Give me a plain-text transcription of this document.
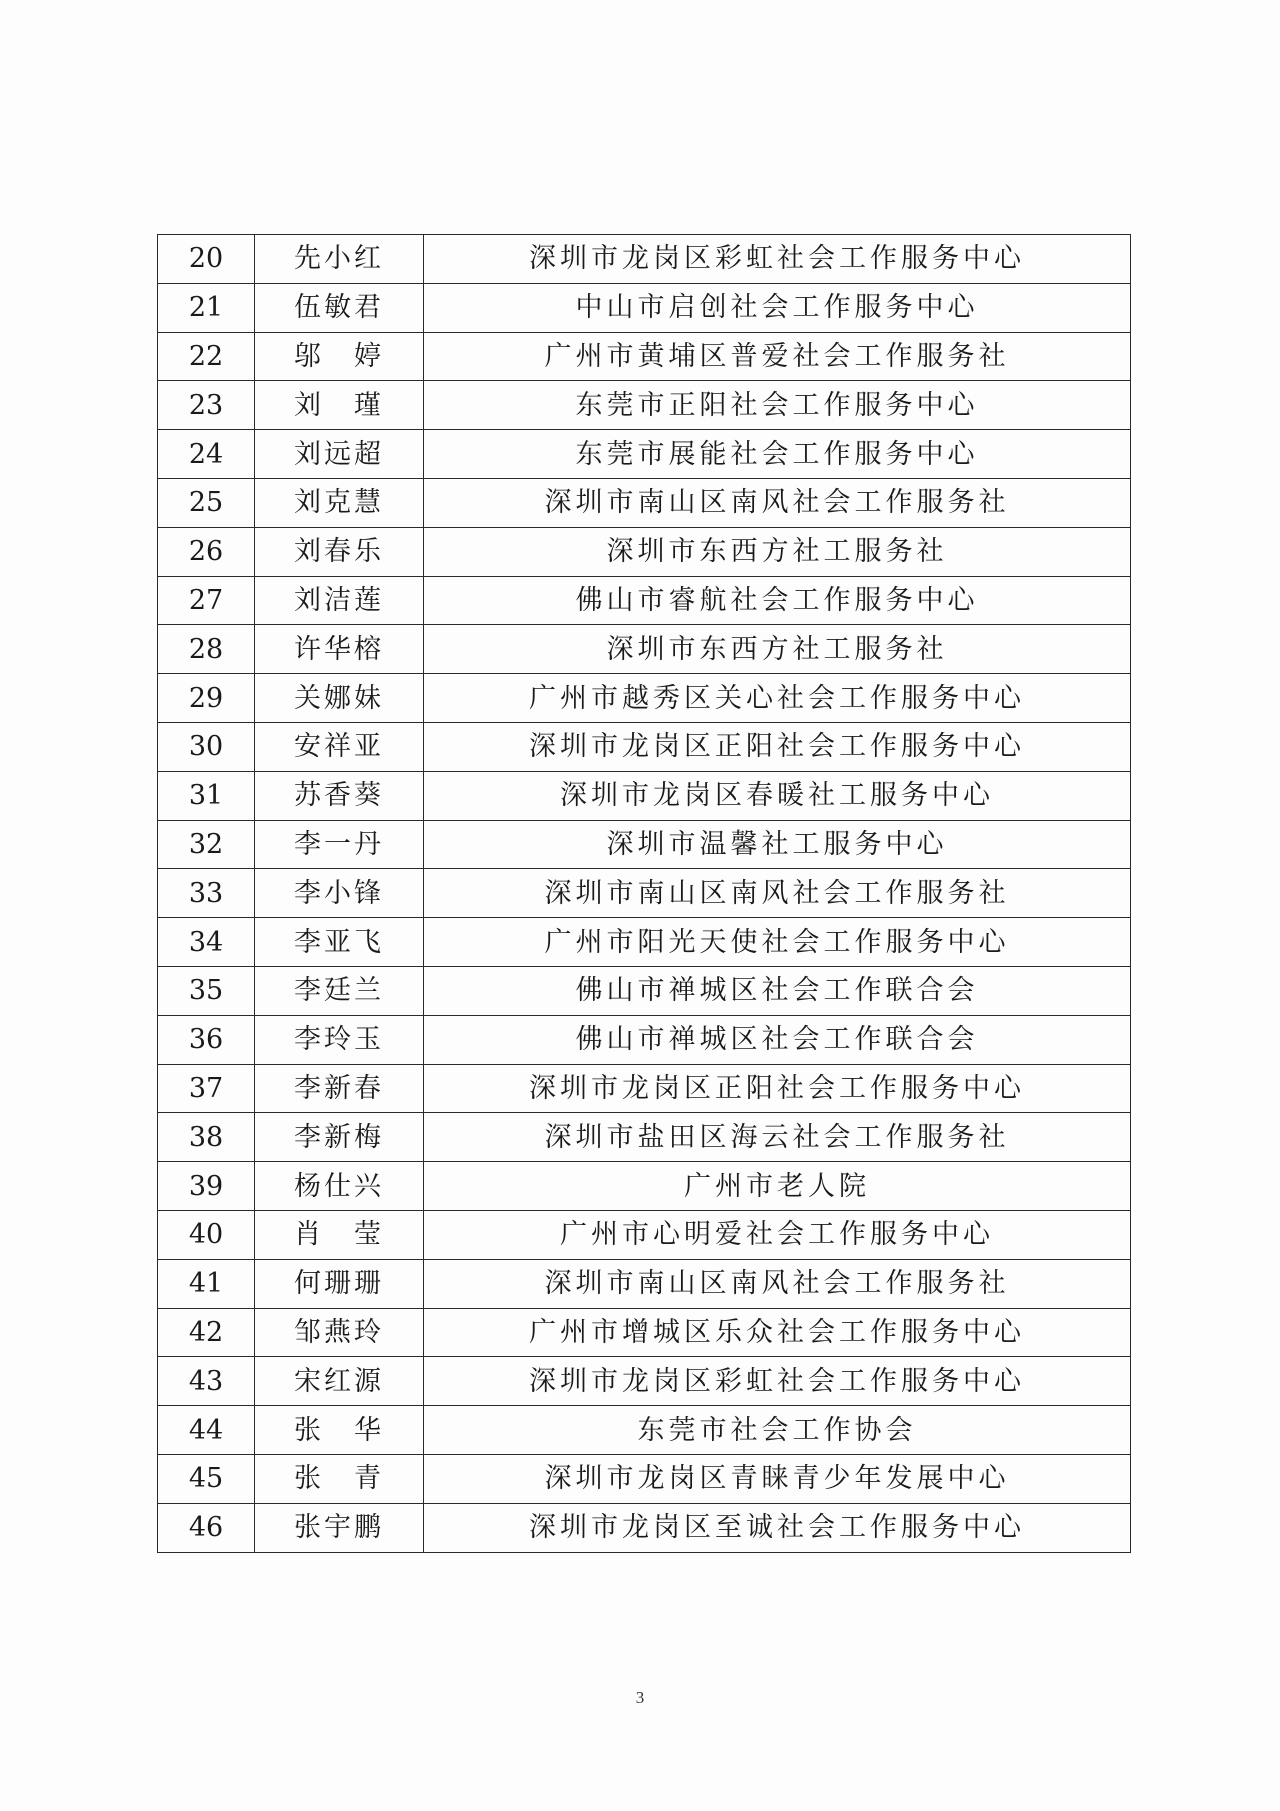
20	先小红	深圳市龙岗区彩虹社会工作服务中心
21	伍敏君	中山市启创社会工作服务中心
22	邬　婷	广州市黄埔区普爱社会工作服务社
23	刘　瑾	东莞市正阳社会工作服务中心
24	刘远超	东莞市展能社会工作服务中心
25	刘克慧	深圳市南山区南风社会工作服务社
26	刘春乐	深圳市东西方社工服务社
27	刘洁莲	佛山市睿航社会工作服务中心
28	许华榕	深圳市东西方社工服务社
29	关娜妹	广州市越秀区关心社会工作服务中心
30	安祥亚	深圳市龙岗区正阳社会工作服务中心
31	苏香葵	深圳市龙岗区春暖社工服务中心
32	李一丹	深圳市温馨社工服务中心
33	李小锋	深圳市南山区南风社会工作服务社
34	李亚飞	广州市阳光天使社会工作服务中心
35	李廷兰	佛山市禅城区社会工作联合会
36	李玲玉	佛山市禅城区社会工作联合会
37	李新春	深圳市龙岗区正阳社会工作服务中心
38	李新梅	深圳市盐田区海云社会工作服务社
39	杨仕兴	广州市老人院
40	肖　莹	广州市心明爱社会工作服务中心
41	何珊珊	深圳市南山区南风社会工作服务社
42	邹燕玲	广州市增城区乐众社会工作服务中心
43	宋红源	深圳市龙岗区彩虹社会工作服务中心
44	张　华	东莞市社会工作协会
45	张　青	深圳市龙岗区青睐青少年发展中心
46	张宇鹏	深圳市龙岗区至诚社会工作服务中心
3
